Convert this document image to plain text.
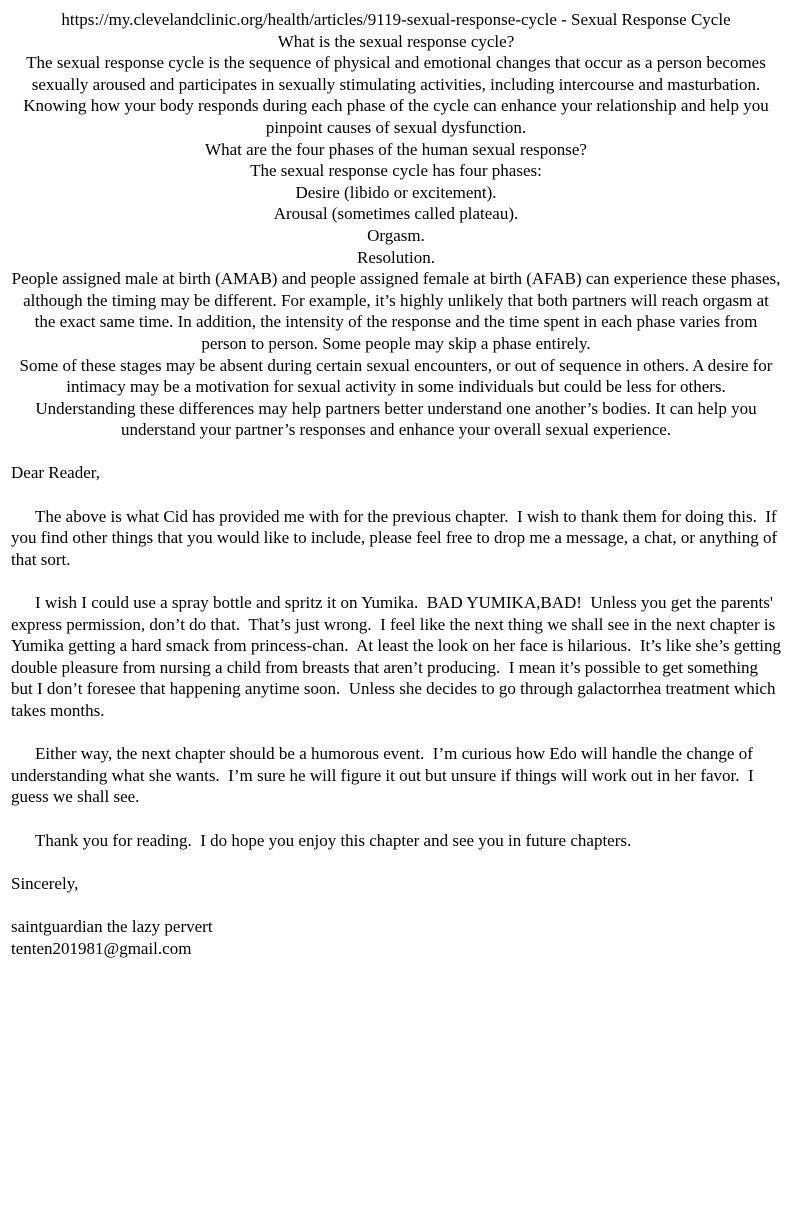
https://my.clevelandclinic.org/health/articles/9119-sexual-response-cycle - Sexual Response Cycle

What is the sexual response cycle?

The sexual response cycle is the sequence of physical and emotional changes that occur as a person becomes sexually aroused and participates in sexually stimulating activities, including intercourse and masturbation. Knowing how your body responds during each phase of the cycle can enhance your relationship and help you pinpoint causes of sexual dysfunction.

What are the four phases of the human sexual response?

The sexual response cycle has four phases:

Desire (libido or excitement).

Arousal (sometimes called plateau).

Orgasm.

Resolution.

People assigned male at birth (AMAB) and people assigned female at birth (AFAB) can experience these phases, although the timing may be different. For example, it’s highly unlikely that both partners will reach orgasm at the exact same time. In addition, the intensity of the response and the time spent in each phase varies from person to person. Some people may skip a phase entirely.

Some of these stages may be absent during certain sexual encounters, or out of sequence in others. A desire for intimacy may be a motivation for sexual activity in some individuals but could be less for others.

Understanding these differences may help partners better understand one another’s bodies. It can help you understand your partner’s responses and enhance your overall sexual experience.

Dear Reader,

The above is what Cid has provided me with for the previous chapter.  I wish to thank them for doing this.  If you find other things that you would like to include, please feel free to drop me a message, a chat, or anything of that sort.

I wish I could use a spray bottle and spritz it on Yumika.  BAD YUMIKA,BAD!  Unless you get the parents' express permission, don’t do that.  That’s just wrong.  I feel like the next thing we shall see in the next chapter is Yumika getting a hard smack from princess-chan.  At least the look on her face is hilarious.  It’s like she’s getting double pleasure from nursing a child from breasts that aren’t producing.  I mean it’s possible to get something but I don’t foresee that happening anytime soon.  Unless she decides to go through galactorrhea treatment which takes months.

Either way, the next chapter should be a humorous event.  I’m curious how Edo will handle the change of understanding what she wants.  I’m sure he will figure it out but unsure if things will work out in her favor.  I guess we shall see.

Thank you for reading.  I do hope you enjoy this chapter and see you in future chapters.

Sincerely,

saintguardian the lazy pervert

tenten201981@gmail.com
